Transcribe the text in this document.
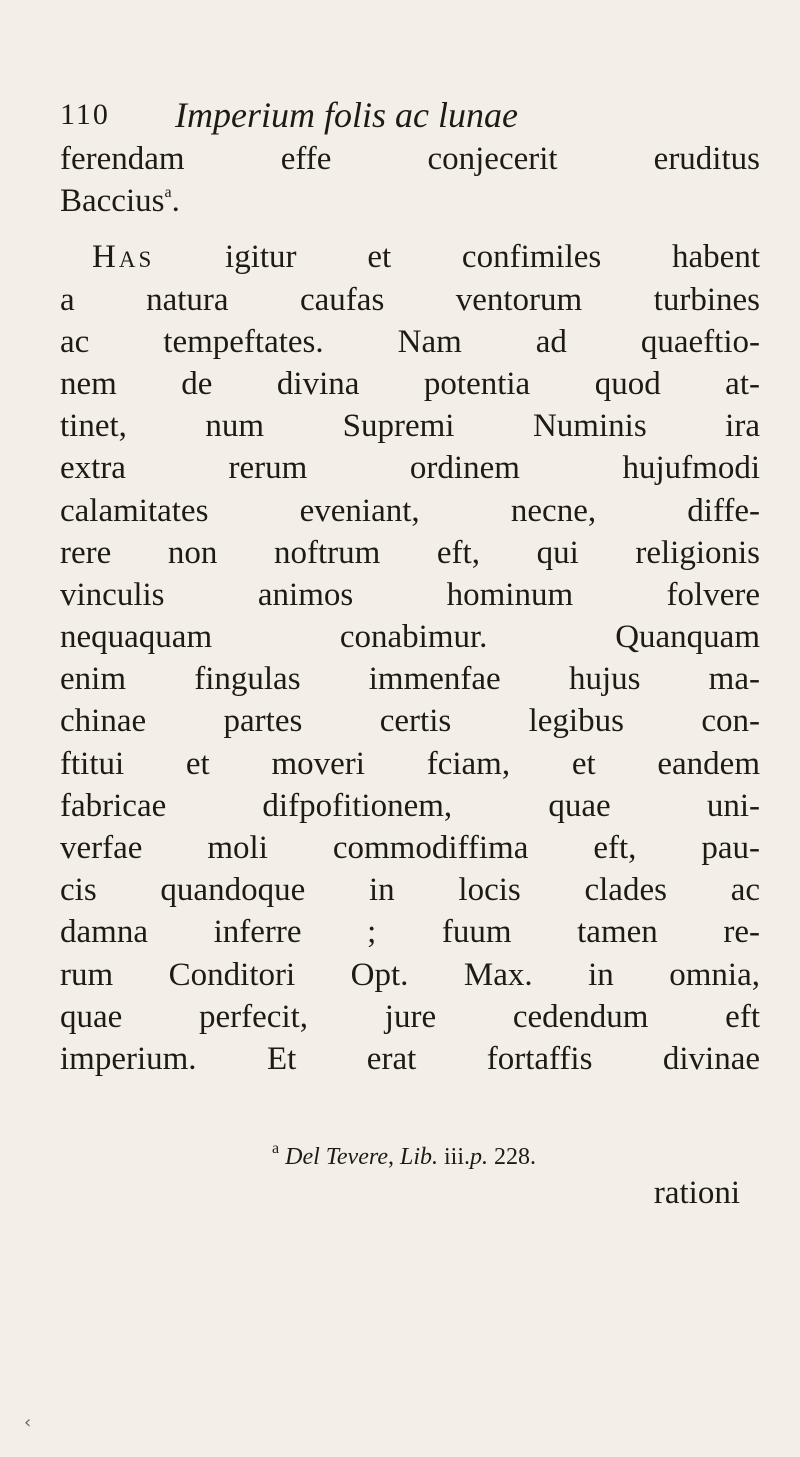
110 Imperium folis ac lunae
ferendam effe conjecerit eruditus
Baccius$^a$.
Has igitur et confimiles habent
a natura caufas ventorum turbines
ac tempeftates. Nam ad quaeftio-
nem de divina potentia quod at-
tinet, num Supremi Numinis ira
extra rerum ordinem hujufmodi
calamitates eveniant, necne, diffe-
rere non noftrum eft, qui religionis
vinculis animos hominum folvere
nequaquam conabimur. Quanquam
enim fingulas immenfae hujus ma-
chinae partes certis legibus con-
ftitui et moveri fciam, et eandem
fabricae difpofitionem, quae uni-
verfae moli commodiffima eft, pau-
cis quandoque in locis clades ac
damna inferre ; fuum tamen re-
rum Conditori Opt. Max. in omnia,
quae perfecit, jure cedendum eft
imperium. Et erat fortaffis divinae
$^a$ Del Tevere, Lib. iii.p. 228.
rationi
‹
